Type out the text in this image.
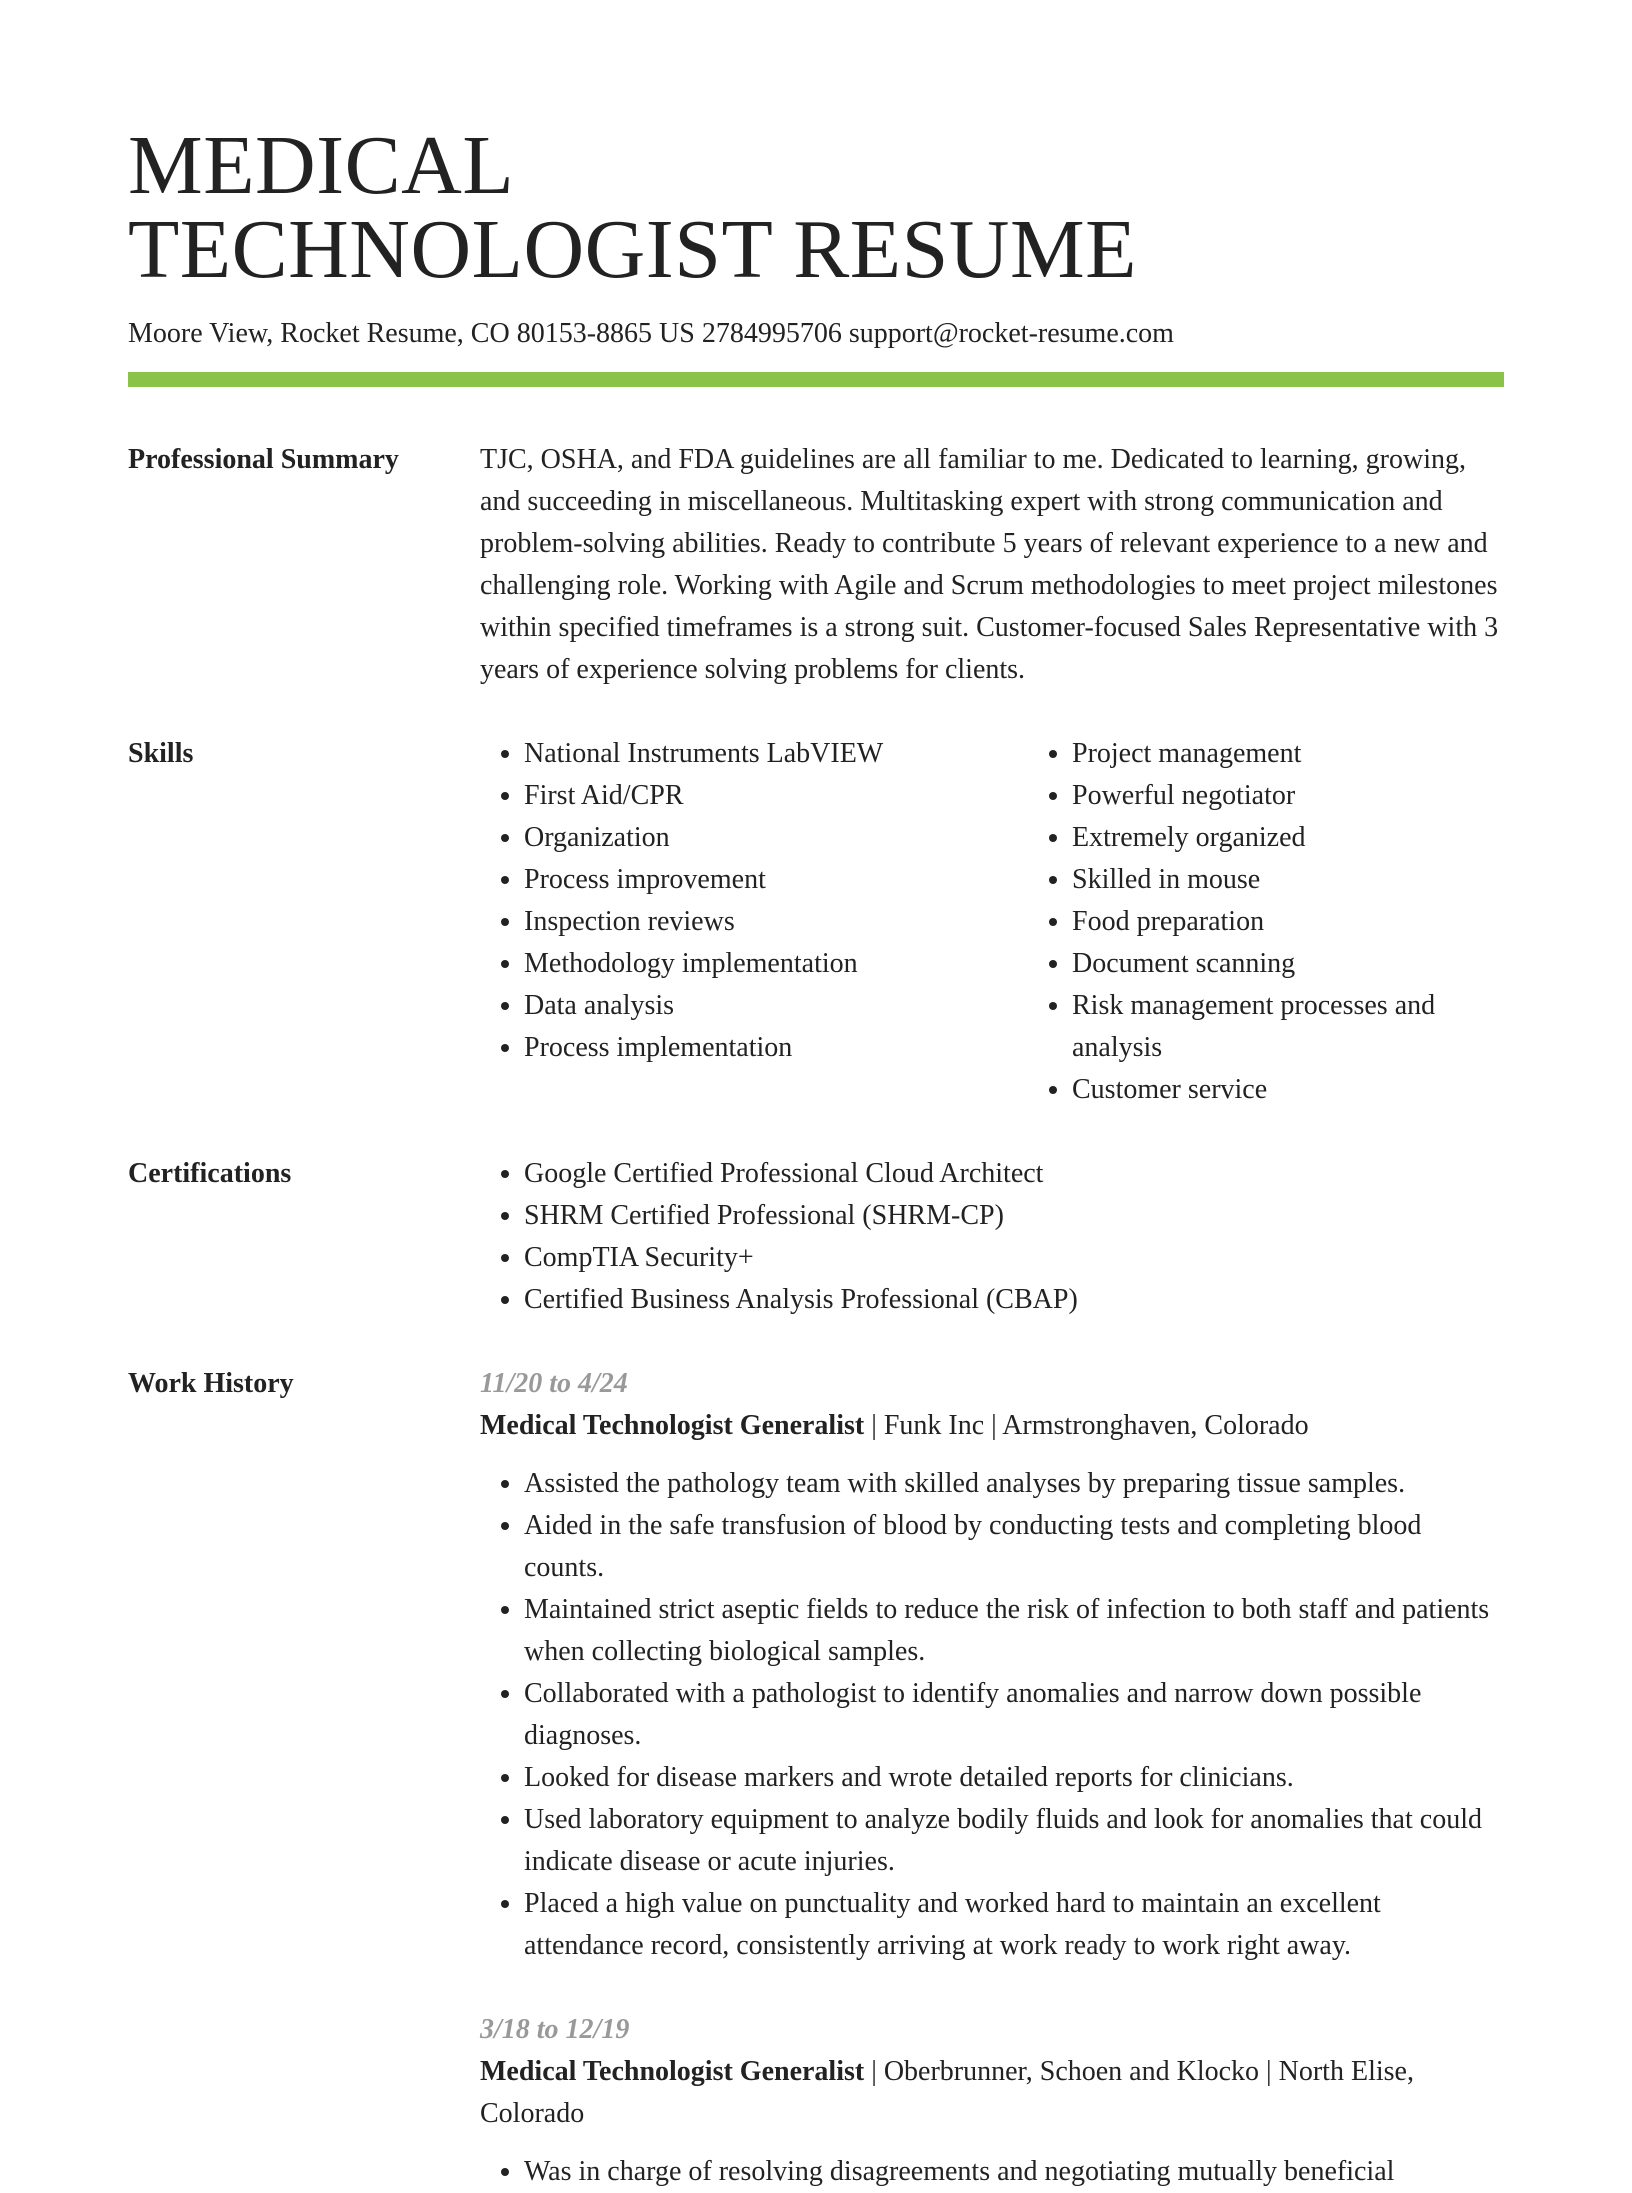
MEDICAL
TECHNOLOGIST RESUME
Moore View, Rocket Resume, CO 80153-8865 US 2784995706 support@rocket-resume.com
Professional Summary	TJC, OSHA, and FDA guidelines are all familiar to me. Dedicated to learning, growing, and succeeding in miscellaneous. Multitasking expert with strong communication and problem-solving abilities. Ready to contribute 5 years of relevant experience to a new and challenging role. Working with Agile and Scrum methodologies to meet project milestones within specified timeframes is a strong suit. Customer-focused Sales Representative with 3 years of experience solving problems for clients.

Skills	• National Instruments LabVIEW
• First Aid/CPR
• Organization
• Process improvement
• Inspection reviews
• Methodology implementation
• Data analysis
• Process implementation
• Project management
• Powerful negotiator
• Extremely organized
• Skilled in mouse
• Food preparation
• Document scanning
• Risk management processes and analysis
• Customer service
Certifications	• Google Certified Professional Cloud Architect
• SHRM Certified Professional (SHRM-CP)
• CompTIA Security+
• Certified Business Analysis Professional (CBAP)
Work History	11/20 to 4/24
Medical Technologist Generalist | Funk Inc | Armstronghaven, Colorado
• Assisted the pathology team with skilled analyses by preparing tissue samples.
• Aided in the safe transfusion of blood by conducting tests and completing blood counts.
• Maintained strict aseptic fields to reduce the risk of infection to both staff and patients when collecting biological samples.
• Collaborated with a pathologist to identify anomalies and narrow down possible diagnoses.
• Looked for disease markers and wrote detailed reports for clinicians.
• Used laboratory equipment to analyze bodily fluids and look for anomalies that could indicate disease or acute injuries.
• Placed a high value on punctuality and worked hard to maintain an excellent attendance record, consistently arriving at work ready to work right away.
3/18 to 12/19
Medical Technologist Generalist | Oberbrunner, Schoen and Klocko | North Elise, Colorado
• Was in charge of resolving disagreements and negotiating mutually beneficial
